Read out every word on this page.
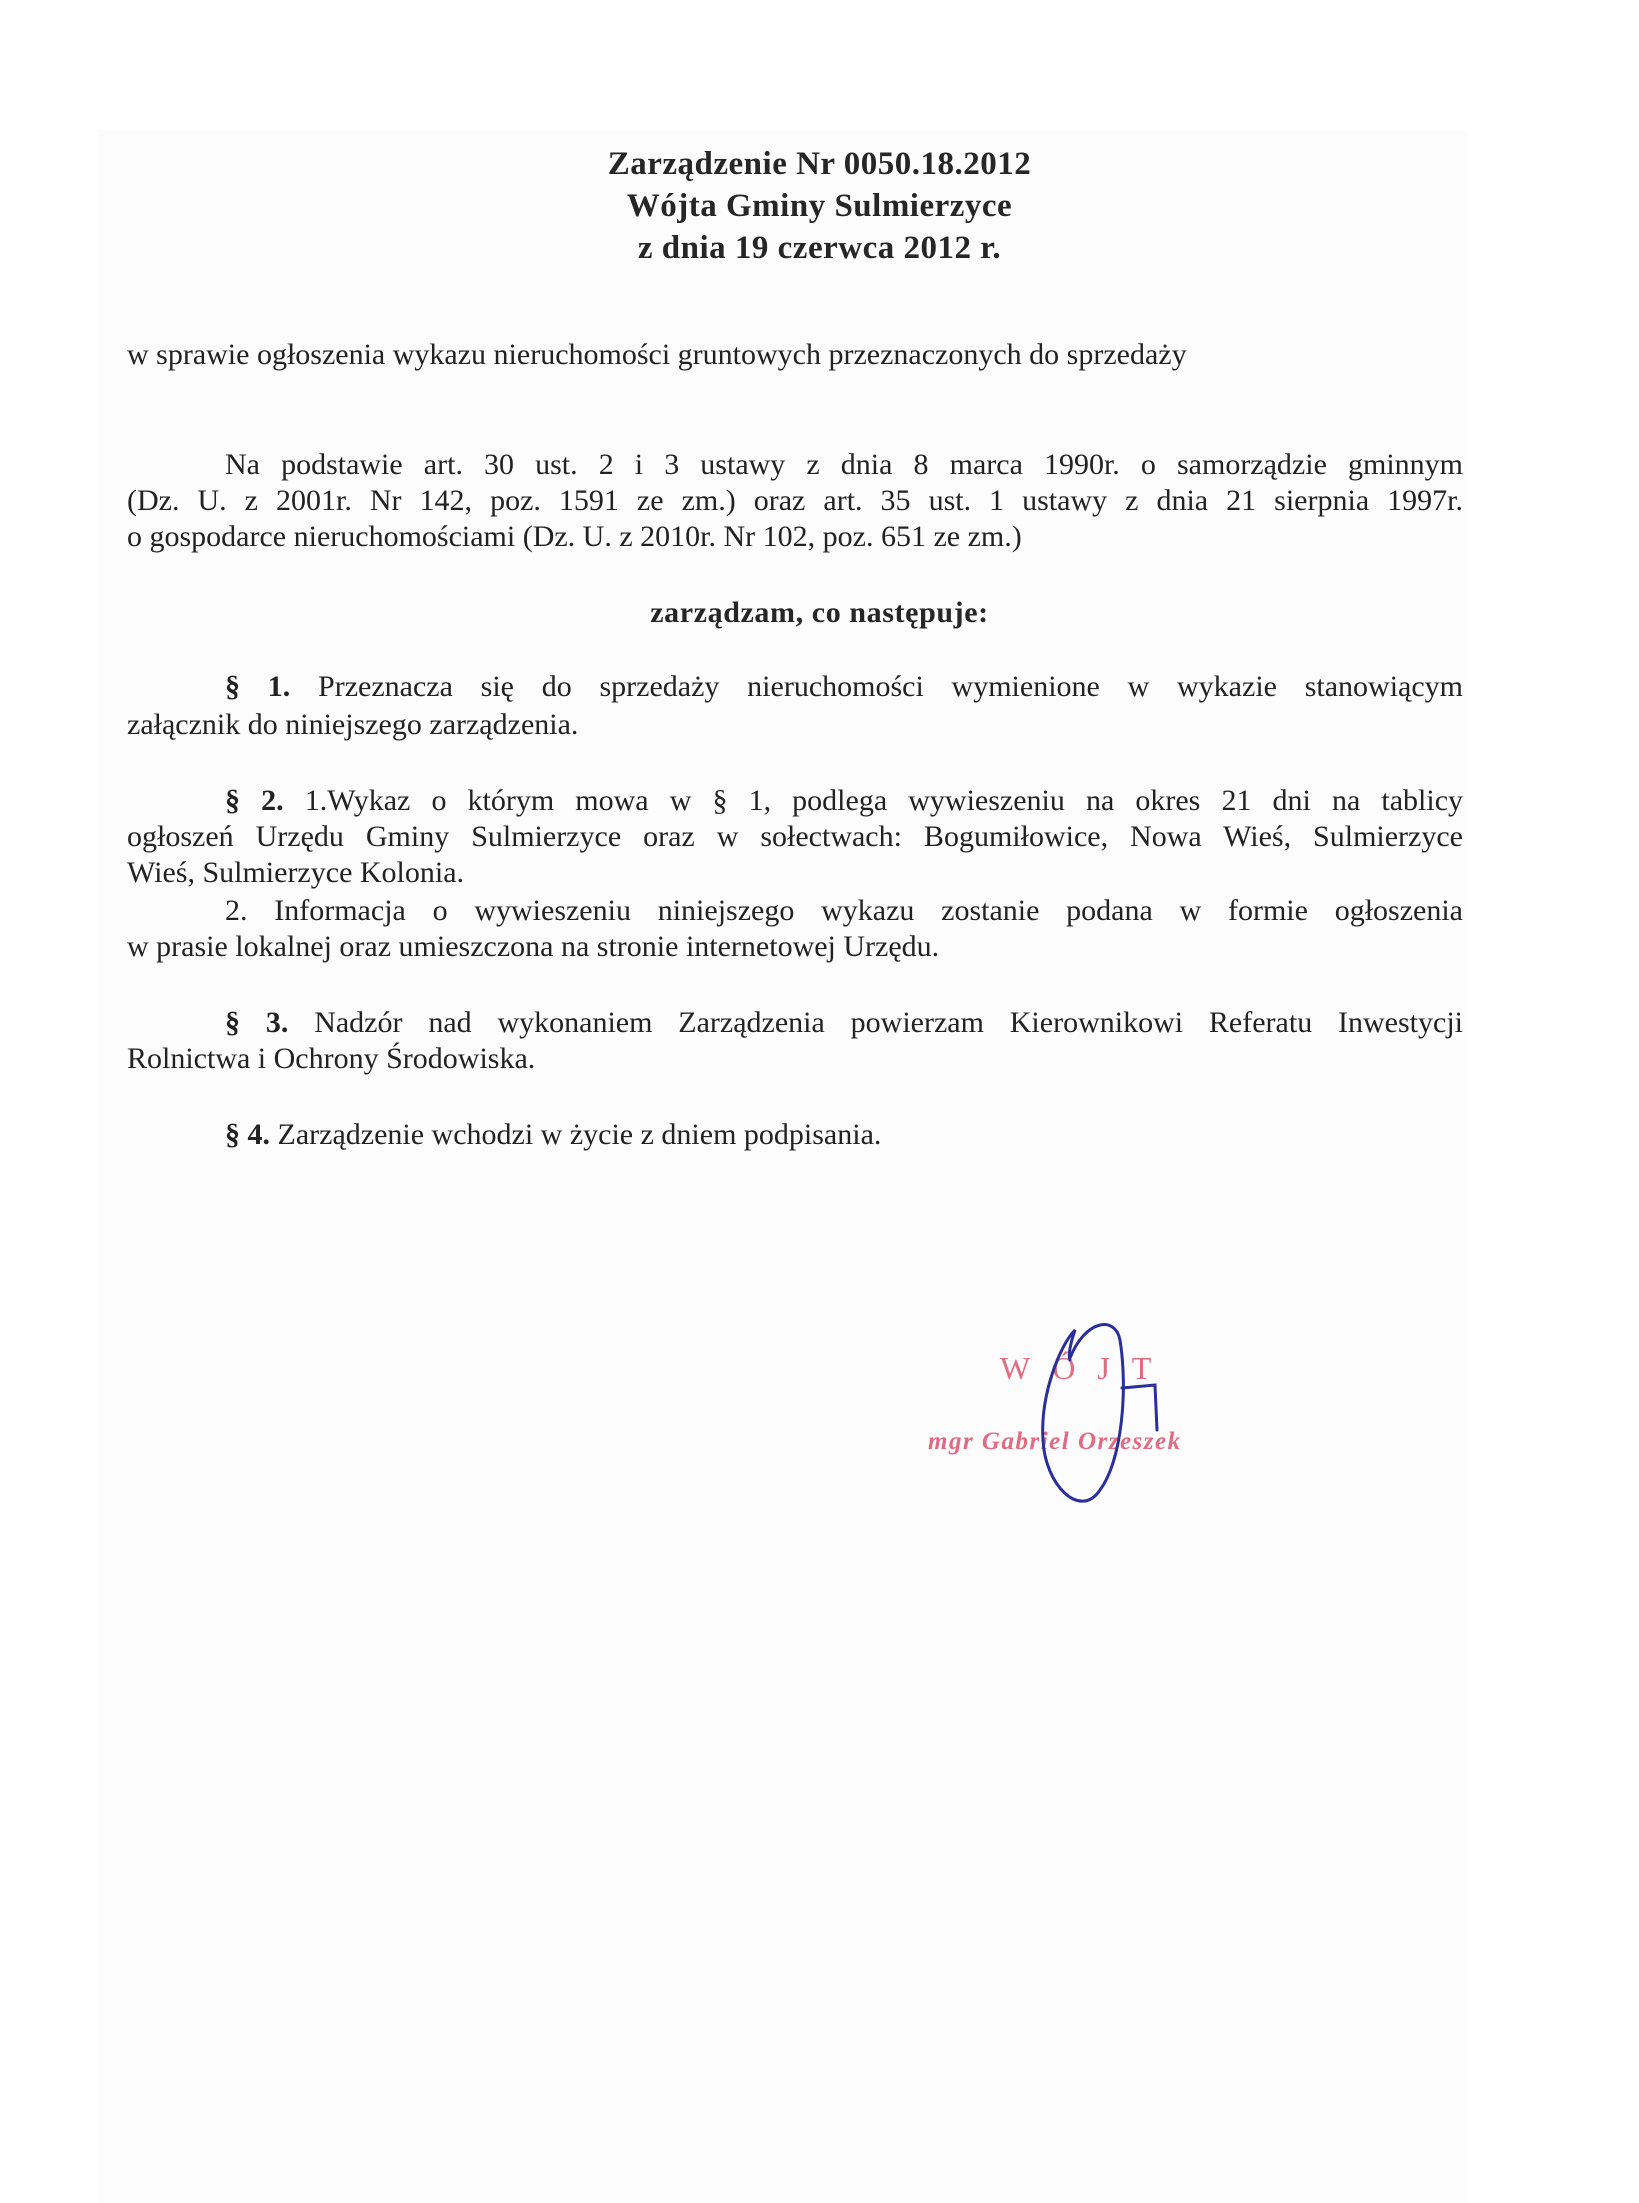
Zarządzenie Nr 0050.18.2012
Wójta Gminy Sulmierzyce
z dnia 19 czerwca 2012 r.
w sprawie ogłoszenia wykazu nieruchomości gruntowych przeznaczonych do sprzedaży
Na podstawie art. 30 ust. 2 i 3 ustawy z dnia 8 marca 1990r. o samorządzie gminnym
(Dz. U. z 2001r. Nr 142, poz. 1591 ze zm.) oraz art. 35 ust. 1 ustawy z dnia 21 sierpnia 1997r.
o gospodarce nieruchomościami (Dz. U. z 2010r. Nr 102, poz. 651 ze zm.)
zarządzam, co następuje:
§ 1. Przeznacza się do sprzedaży nieruchomości wymienione w wykazie stanowiącym
załącznik do niniejszego zarządzenia.
§ 2. 1.Wykaz o którym mowa w § 1, podlega wywieszeniu na okres 21 dni na tablicy
ogłoszeń Urzędu Gminy Sulmierzyce oraz w sołectwach: Bogumiłowice, Nowa Wieś, Sulmierzyce
Wieś, Sulmierzyce Kolonia.
2. Informacja o wywieszeniu niniejszego wykazu zostanie podana w formie ogłoszenia
w prasie lokalnej oraz umieszczona na stronie internetowej Urzędu.
§ 3. Nadzór nad wykonaniem Zarządzenia powierzam Kierownikowi Referatu Inwestycji
Rolnictwa i Ochrony Środowiska.
§ 4. Zarządzenie wchodzi w życie z dniem podpisania.
WÓJT
mgr Gabriel Orzeszek
